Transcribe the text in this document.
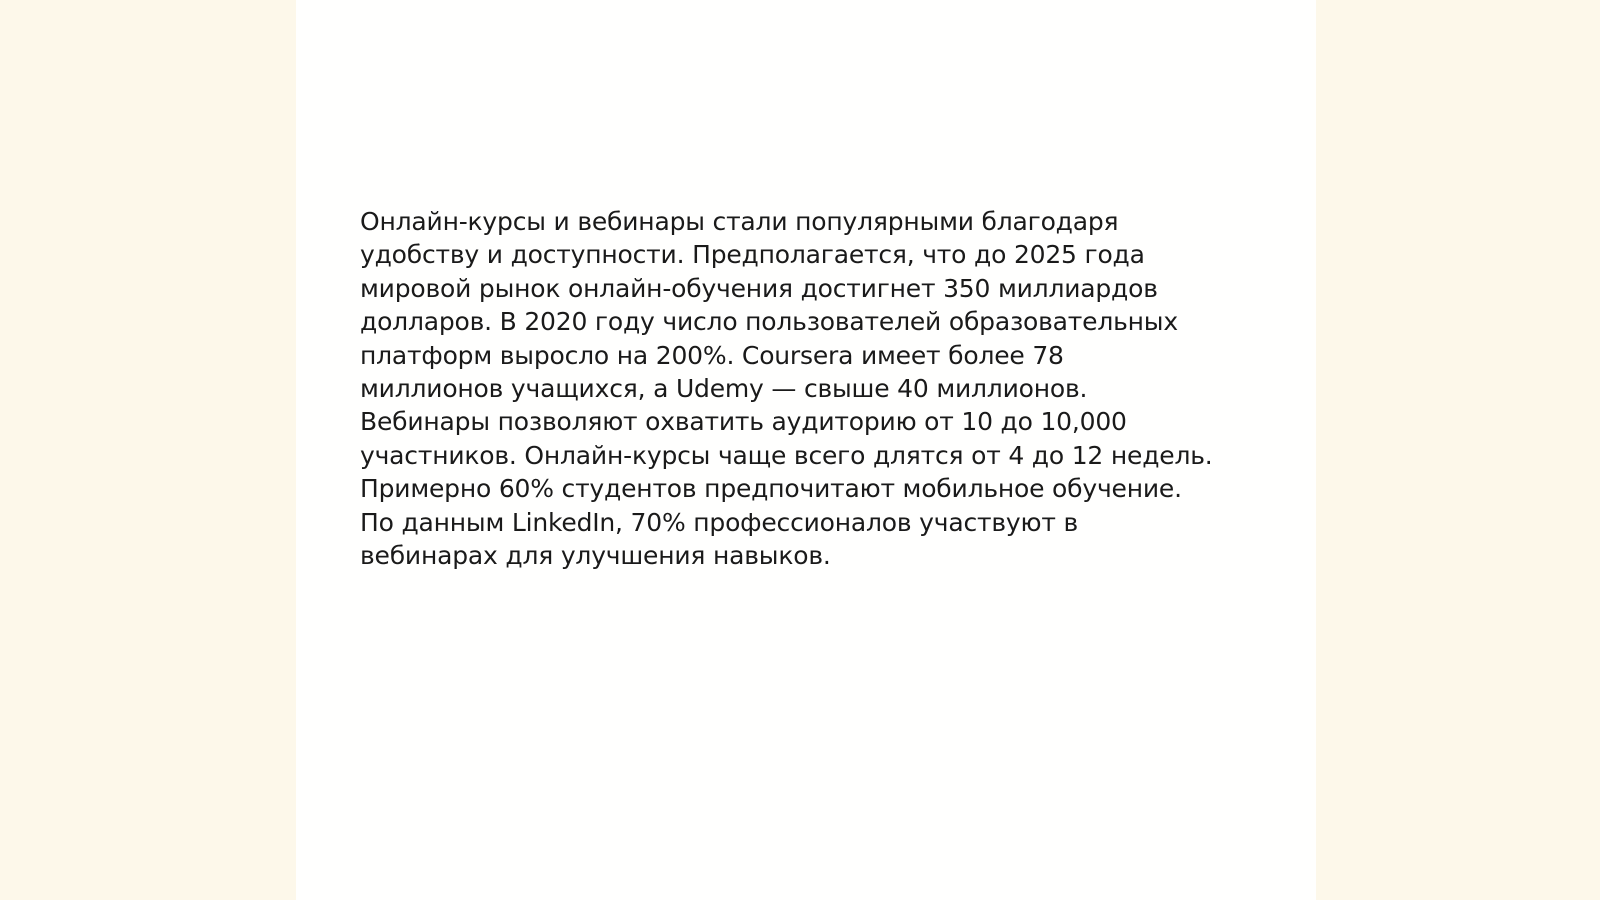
Онлайн-курсы и вебинары стали популярными благодаря
удобству и доступности. Предполагается, что до 2025 года
мировой рынок онлайн-обучения достигнет 350 миллиардов
долларов. В 2020 году число пользователей образовательных
платформ выросло на 200%. Coursera имеет более 78
миллионов учащихся, а Udemy — свыше 40 миллионов.
Вебинары позволяют охватить аудиторию от 10 до 10,000
участников. Онлайн-курсы чаще всего длятся от 4 до 12 недель.
Примерно 60% студентов предпочитают мобильное обучение.
По данным LinkedIn, 70% профессионалов участвуют в
вебинарах для улучшения навыков.
